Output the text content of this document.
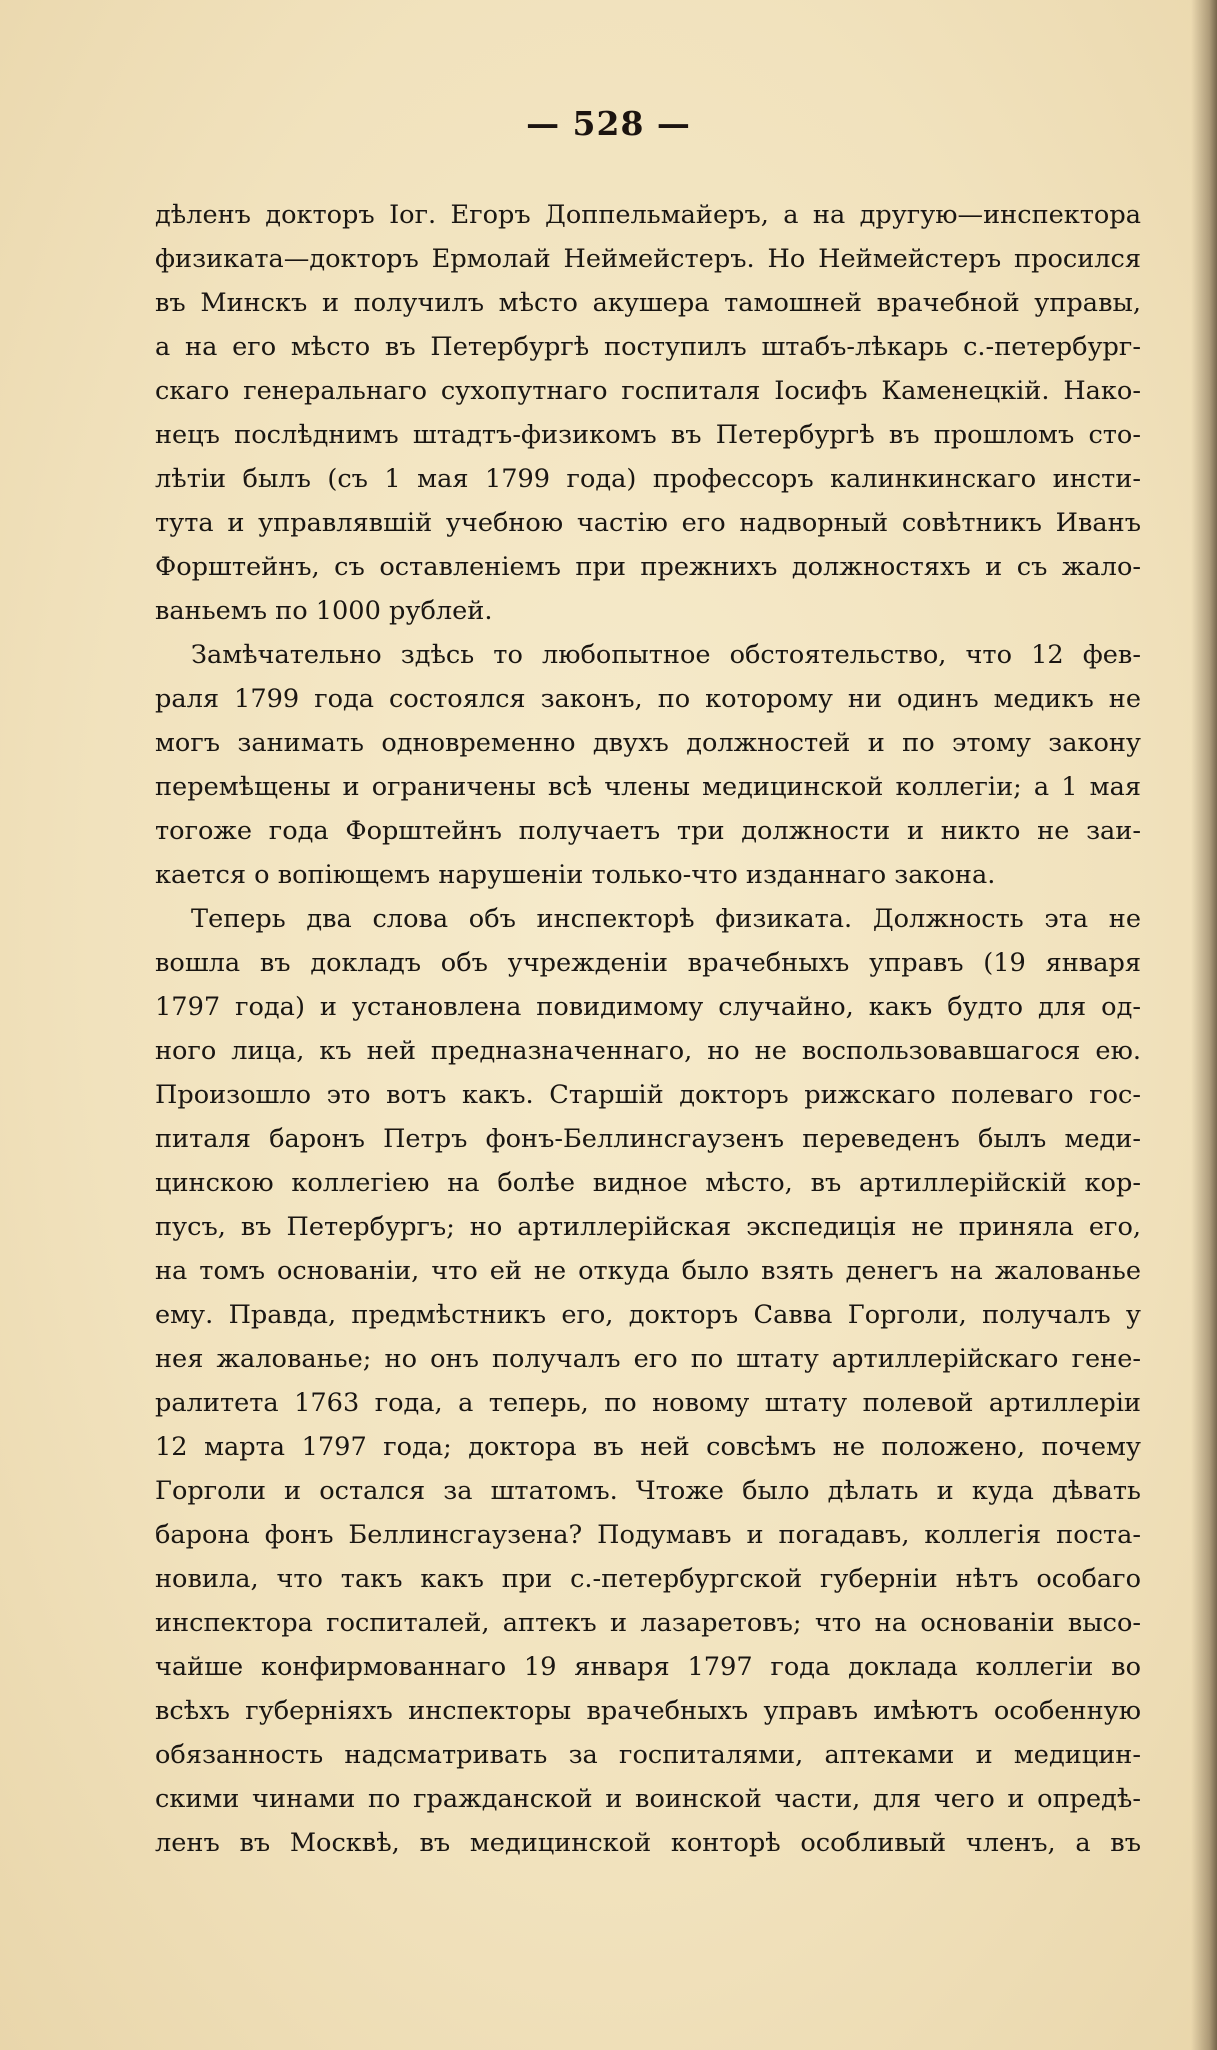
— 528 —
дѣленъ докторъ Іог. Егоръ Доппельмайеръ, а на другую—инспектора
физиката—докторъ Ермолай Неймейстеръ. Но Неймейстеръ просился
въ Минскъ и получилъ мѣсто акушера тамошней врачебной управы,
а на его мѣсто въ Петербургѣ поступилъ штабъ-лѣкарь с.-петербург-
скаго генеральнаго сухопутнаго госпиталя Іосифъ Каменецкій. Нако-
нецъ послѣднимъ штадтъ-физикомъ въ Петербургѣ въ прошломъ сто-
лѣтіи былъ (съ 1 мая 1799 года) профессоръ калинкинскаго инсти-
тута и управлявшій учебною частію его надворный совѣтникъ Иванъ
Форштейнъ, съ оставленіемъ при прежнихъ должностяхъ и съ жало-
ваньемъ по 1000 рублей.
Замѣчательно здѣсь то любопытное обстоятельство, что 12 фев-
раля 1799 года состоялся законъ, по которому ни одинъ медикъ не
могъ занимать одновременно двухъ должностей и по этому закону
перемѣщены и ограничены всѣ члены медицинской коллегіи; а 1 мая
тогоже года Форштейнъ получаетъ три должности и никто не заи-
кается о вопіющемъ нарушеніи только-что изданнаго закона.
Теперь два слова объ инспекторѣ физиката. Должность эта не
вошла въ докладъ объ учрежденіи врачебныхъ управъ (19 января
1797 года) и установлена повидимому случайно, какъ будто для од-
ного лица, къ ней предназначеннаго, но не воспользовавшагося ею.
Произошло это вотъ какъ. Старшій докторъ рижскаго полеваго гос-
питаля баронъ Петръ фонъ-Беллинсгаузенъ переведенъ былъ меди-
цинскою коллегіею на болѣе видное мѣсто, въ артиллерійскій кор-
пусъ, въ Петербургъ; но артиллерійская экспедиція не приняла его,
на томъ основаніи, что ей не откуда было взять денегъ на жалованье
ему. Правда, предмѣстникъ его, докторъ Савва Горголи, получалъ у
нея жалованье; но онъ получалъ его по штату артиллерійскаго гене-
ралитета 1763 года, а теперь, по новому штату полевой артиллеріи
12 марта 1797 года; доктора въ ней совсѣмъ не положено, почему
Горголи и остался за штатомъ. Чтоже было дѣлать и куда дѣвать
барона фонъ Беллинсгаузена? Подумавъ и погадавъ, коллегія поста-
новила, что такъ какъ при с.-петербургской губерніи нѣтъ особаго
инспектора госпиталей, аптекъ и лазаретовъ; что на основаніи высо-
чайше конфирмованнаго 19 января 1797 года доклада коллегіи во
всѣхъ губерніяхъ инспекторы врачебныхъ управъ имѣютъ особенную
обязанность надсматривать за госпиталями, аптеками и медицин-
скими чинами по гражданской и воинской части, для чего и опредѣ-
ленъ въ Москвѣ, въ медицинской конторѣ особливый членъ, а въ
